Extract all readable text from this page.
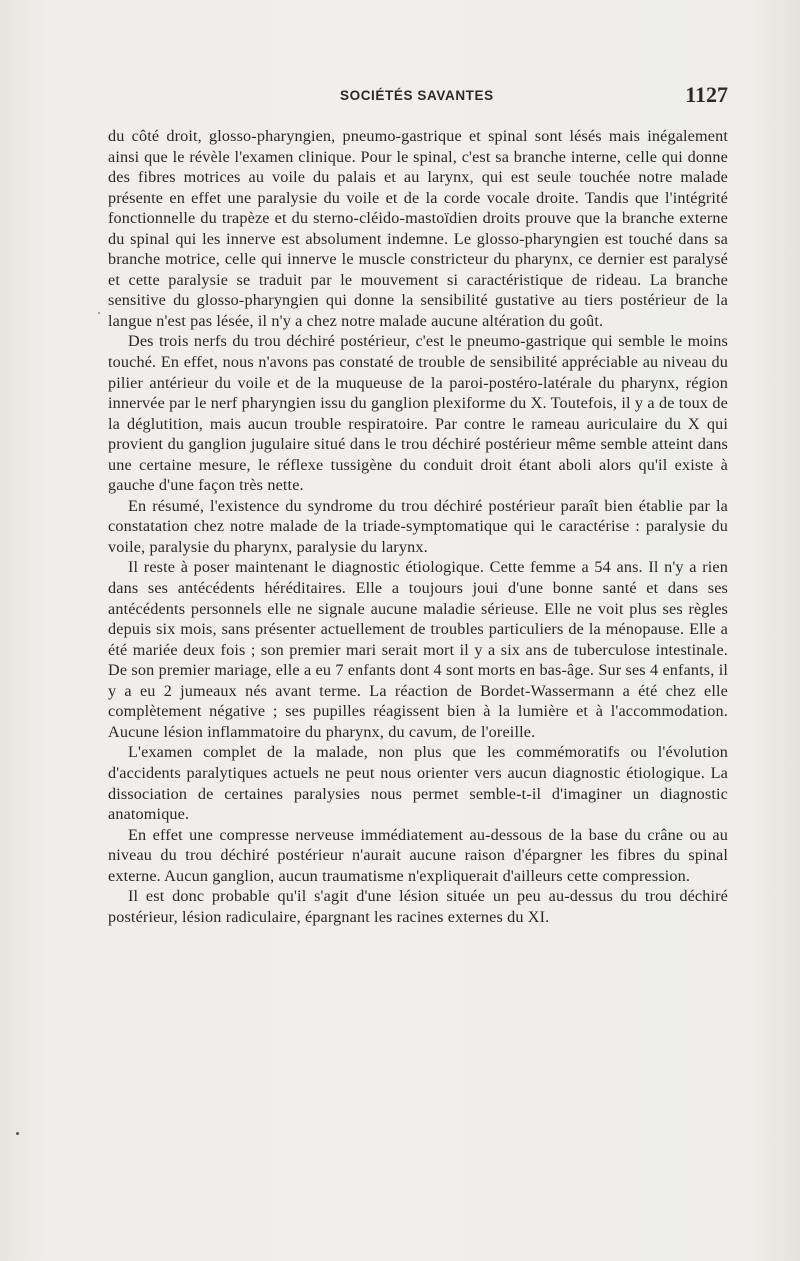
SOCIÉTÉS SAVANTES	1127

du côté droit, glosso-pharyngien, pneumo-gastrique et spinal sont lésés mais inégalement ainsi que le révèle l'examen clinique. Pour le spinal, c'est sa branche interne, celle qui donne des fibres motrices au voile du palais et au larynx, qui est seule touchée notre malade présente en effet une paralysie du voile et de la corde vocale droite. Tandis que l'intégrité fonctionnelle du trapèze et du sterno-cléido-mastoïdien droits prouve que la branche externe du spinal qui les innerve est absolument indemne. Le glosso-pharyngien est touché dans sa branche motrice, celle qui innerve le muscle constricteur du pharynx, ce dernier est paralysé et cette paralysie se traduit par le mouvement si caractéristique de rideau. La branche sensitive du glosso-pharyngien qui donne la sensibilité gustative au tiers postérieur de la langue n'est pas lésée, il n'y a chez notre malade aucune altération du goût.

Des trois nerfs du trou déchiré postérieur, c'est le pneumo-gastrique qui semble le moins touché. En effet, nous n'avons pas constaté de trouble de sensibilité appréciable au niveau du pilier antérieur du voile et de la muqueuse de la paroi-postéro-latérale du pharynx, région innervée par le nerf pharyngien issu du ganglion plexiforme du X. Toutefois, il y a de toux de la déglutition, mais aucun trouble respiratoire. Par contre le rameau auriculaire du X qui provient du ganglion jugulaire situé dans le trou déchiré postérieur même semble atteint dans une certaine mesure, le réflexe tussigène du conduit droit étant aboli alors qu'il existe à gauche d'une façon très nette.

En résumé, l'existence du syndrome du trou déchiré postérieur paraît bien établie par la constatation chez notre malade de la triade-symptomatique qui le caractérise : paralysie du voile, paralysie du pharynx, paralysie du larynx.

Il reste à poser maintenant le diagnostic étiologique. Cette femme a 54 ans. Il n'y a rien dans ses antécédents héréditaires. Elle a toujours joui d'une bonne santé et dans ses antécédents personnels elle ne signale aucune maladie sérieuse. Elle ne voit plus ses règles depuis six mois, sans présenter actuellement de troubles particuliers de la ménopause. Elle a été mariée deux fois ; son premier mari serait mort il y a six ans de tuberculose intestinale. De son premier mariage, elle a eu 7 enfants dont 4 sont morts en bas-âge. Sur ses 4 enfants, il y a eu 2 jumeaux nés avant terme. La réaction de Bordet-Wassermann a été chez elle complètement négative ; ses pupilles réagissent bien à la lumière et à l'accommodation. Aucune lésion inflammatoire du pharynx, du cavum, de l'oreille.

L'examen complet de la malade, non plus que les commémoratifs ou l'évolution d'accidents paralytiques actuels ne peut nous orienter vers aucun diagnostic étiologique. La dissociation de certaines paralysies nous permet semble-t-il d'imaginer un diagnostic anatomique.

En effet une compresse nerveuse immédiatement au-dessous de la base du crâne ou au niveau du trou déchiré postérieur n'aurait aucune raison d'épargner les fibres du spinal externe. Aucun ganglion, aucun traumatisme n'expliquerait d'ailleurs cette compression.

Il est donc probable qu'il s'agit d'une lésion située un peu au-dessus du trou déchiré postérieur, lésion radiculaire, épargnant les racines externes du XI.
